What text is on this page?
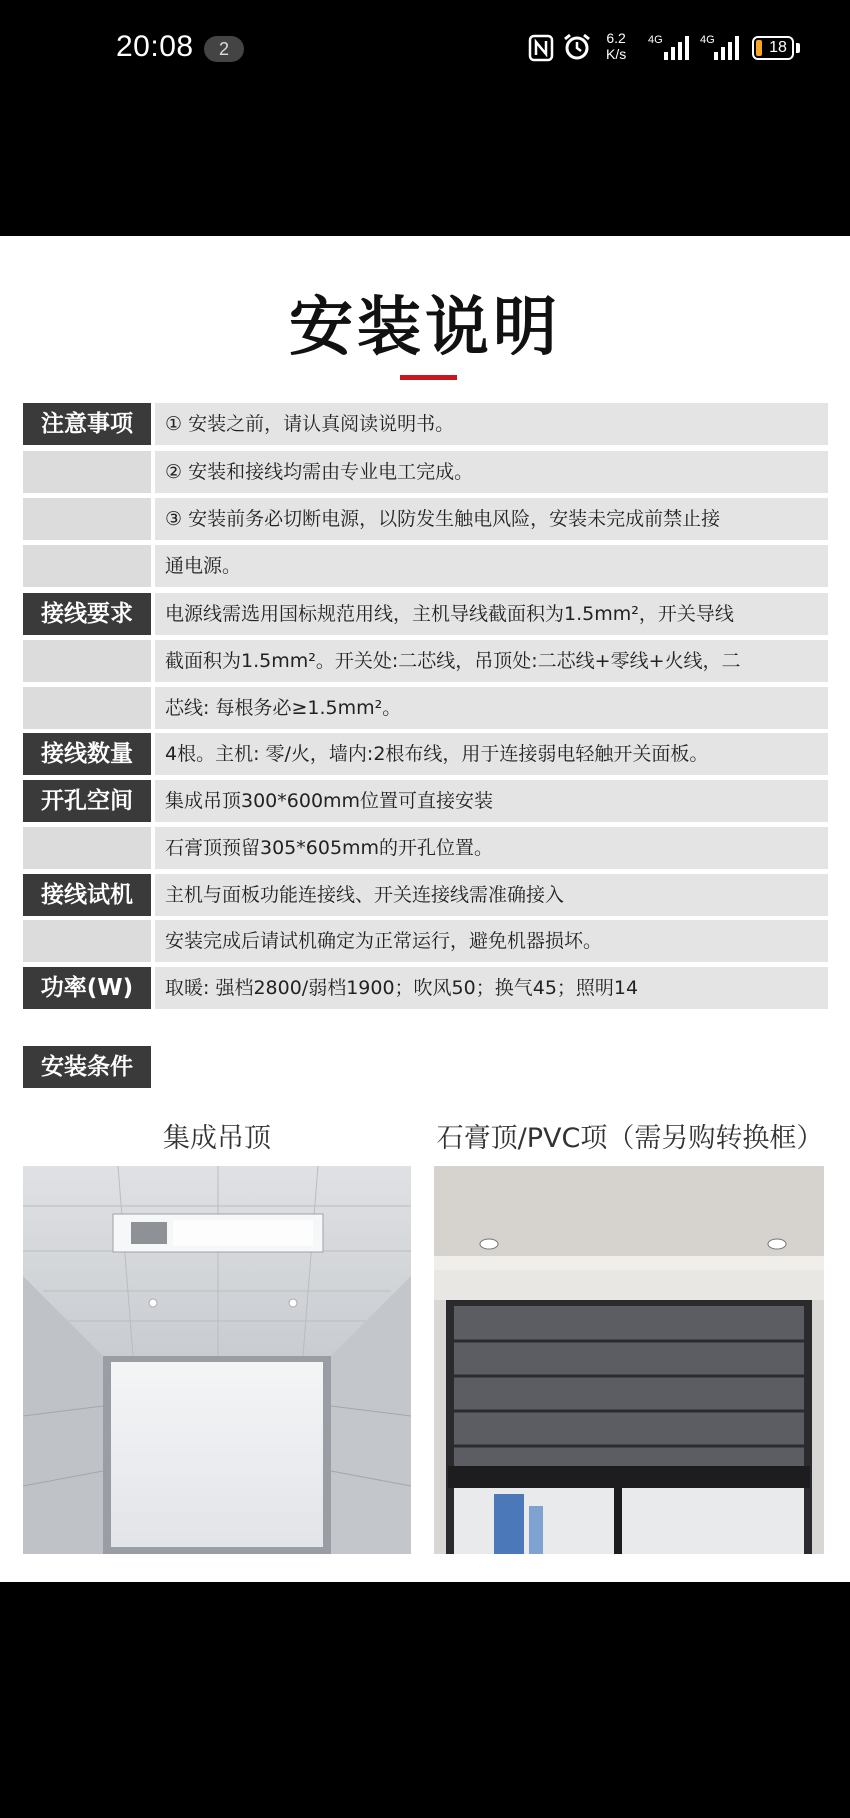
20:08	2
6.2
K/s
4G	4G	18
安装说明
注意事项	① 安装之前，请认真阅读说明书。
② 安装和接线均需由专业电工完成。
③ 安装前务必切断电源，以防发生触电风险，安装未完成前禁止接
通电源。
接线要求	电源线需选用国标规范用线，主机导线截面积为1.5mm²，开关导线
截面积为1.5mm²。开关处:二芯线，吊顶处:二芯线+零线+火线，二
芯线: 每根务必≥1.5mm²。
接线数量	4根。主机: 零/火，墙内:2根布线，用于连接弱电轻触开关面板。
开孔空间	集成吊顶300*600mm位置可直接安装
石膏顶预留305*605mm的开孔位置。
接线试机	主机与面板功能连接线、开关连接线需准确接入
安装完成后请试机确定为正常运行，避免机器损坏。
功率(W)	取暖: 强档2800/弱档1900；吹风50；换气45；照明14
安装条件
集成吊顶	石膏顶/PVC项（需另购转换框）
